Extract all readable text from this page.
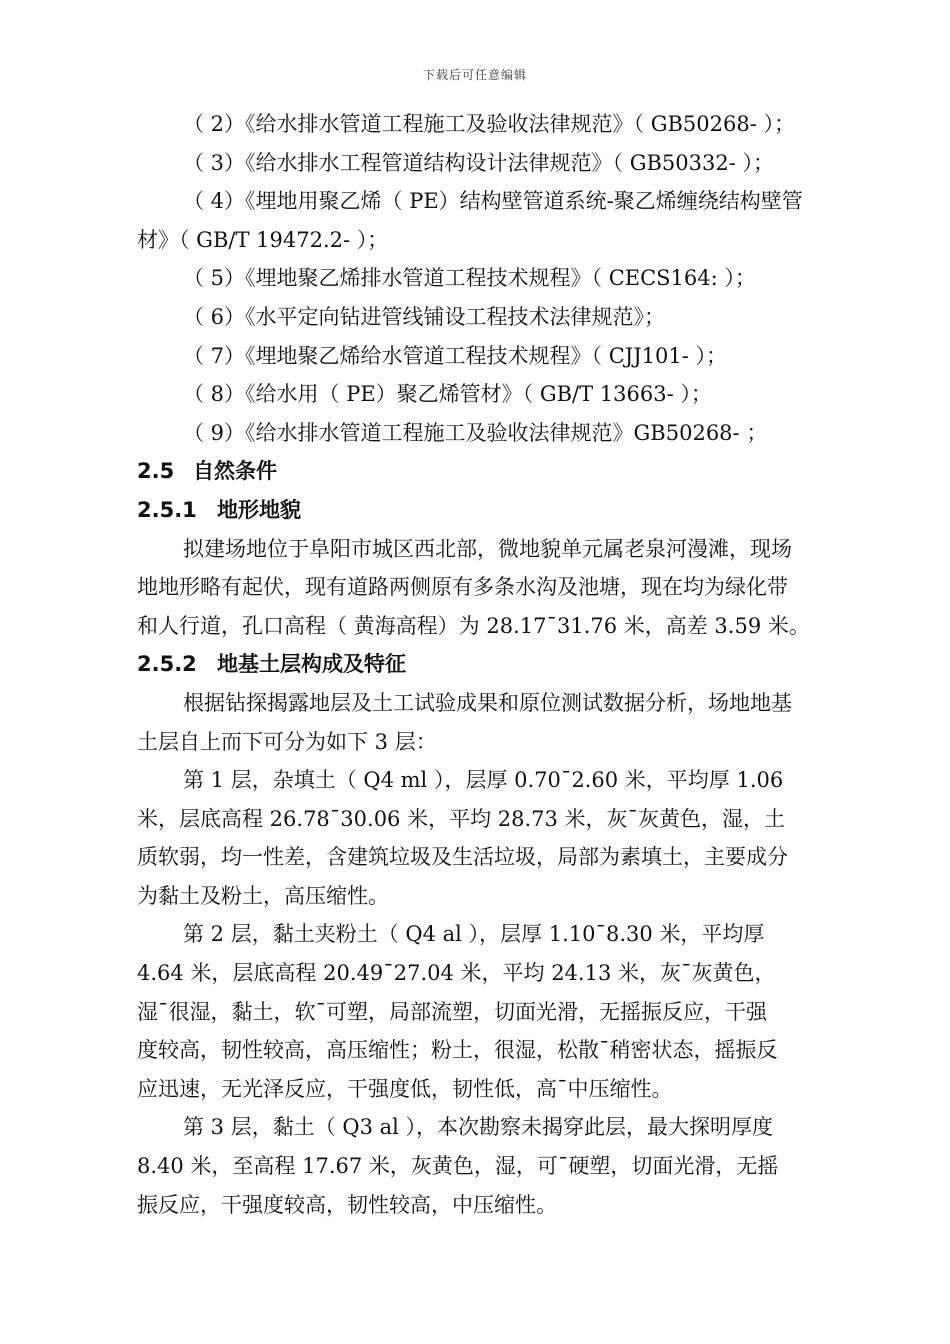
下载后可任意编辑

（ 2）《给水排水管道工程施工及验收法律规范》（ GB50268- ）；

（ 3）《给水排水工程管道结构设计法律规范》（ GB50332- ）；

（ 4）《埋地用聚乙烯（ PE）结构壁管道系统-聚乙烯缠绕结构壁管

材》（ GB/T 19472.2- ）；

（ 5）《埋地聚乙烯排水管道工程技术规程》（ CECS164: ）；

（ 6）《水平定向钻进管线铺设工程技术法律规范》；

（ 7）《埋地聚乙烯给水管道工程技术规程》（ CJJ101- ）；

（ 8）《给水用（ PE）聚乙烯管材》（ GB/T 13663- ）；

（ 9）《给水排水管道工程施工及验收法律规范》GB50268- ；

2.5 自然条件

2.5.1 地形地貌

拟建场地位于阜阳市城区西北部，微地貌单元属老泉河漫滩，现场

地地形略有起伏，现有道路两侧原有多条水沟及池塘，现在均为绿化带

和人行道，孔口高程（ 黄海高程）为 28.17¯31.76 米，高差 3.59 米。

2.5.2 地基土层构成及特征

根据钻探揭露地层及土工试验成果和原位测试数据分析，场地地基

土层自上而下可分为如下 3 层：

第 1 层，杂填土（ Q4 ml ），层厚 0.70¯2.60 米，平均厚 1.06

米，层底高程 26.78¯30.06 米，平均 28.73 米，灰¯灰黄色，湿，土

质软弱，均一性差，含建筑垃圾及生活垃圾，局部为素填土，主要成分

为黏土及粉土，高压缩性。

第 2 层，黏土夹粉土（ Q4 al ），层厚 1.10¯8.30 米，平均厚

4.64 米，层底高程 20.49¯27.04 米，平均 24.13 米，灰¯灰黄色，

湿¯很湿，黏土，软¯可塑，局部流塑，切面光滑，无摇振反应，干强

度较高，韧性较高，高压缩性；粉土，很湿，松散¯稍密状态，摇振反

应迅速，无光泽反应，干强度低，韧性低，高¯中压缩性。

第 3 层，黏土（ Q3 al ），本次勘察未揭穿此层，最大探明厚度

8.40 米，至高程 17.67 米，灰黄色，湿，可¯硬塑，切面光滑，无摇

振反应，干强度较高，韧性较高，中压缩性。
